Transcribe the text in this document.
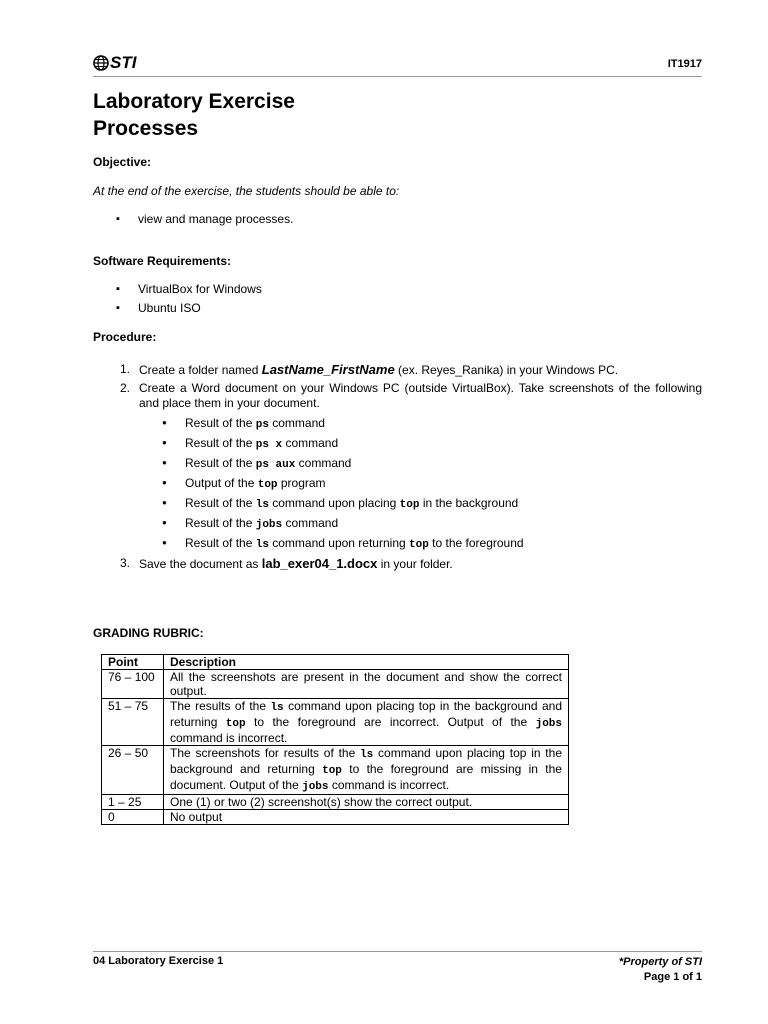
STI	IT1917
Laboratory Exercise
Processes
Objective:
At the end of the exercise, the students should be able to:
▪ view and manage processes.
Software Requirements:
▪ VirtualBox for Windows
▪ Ubuntu ISO
Procedure:
1. Create a folder named LastName_FirstName (ex. Reyes_Ranika) in your Windows PC.
2. Create a Word document on your Windows PC (outside VirtualBox). Take screenshots of the following and place them in your document.
● Result of the ps command
● Result of the ps x command
● Result of the ps aux command
● Output of the top program
● Result of the ls command upon placing top in the background
● Result of the jobs command
● Result of the ls command upon returning top to the foreground
3. Save the document as lab_exer04_1.docx in your folder.
GRADING RUBRIC:
Point	Description
76 – 100	All the screenshots are present in the document and show the correct output.
51 – 75	The results of the ls command upon placing top in the background and returning top to the foreground are incorrect. Output of the jobs command is incorrect.
26 – 50	The screenshots for results of the ls command upon placing top in the background and returning top to the foreground are missing in the document. Output of the jobs command is incorrect.
1 – 25	One (1) or two (2) screenshot(s) show the correct output.
0	No output
04 Laboratory Exercise 1	*Property of STI
Page 1 of 1
